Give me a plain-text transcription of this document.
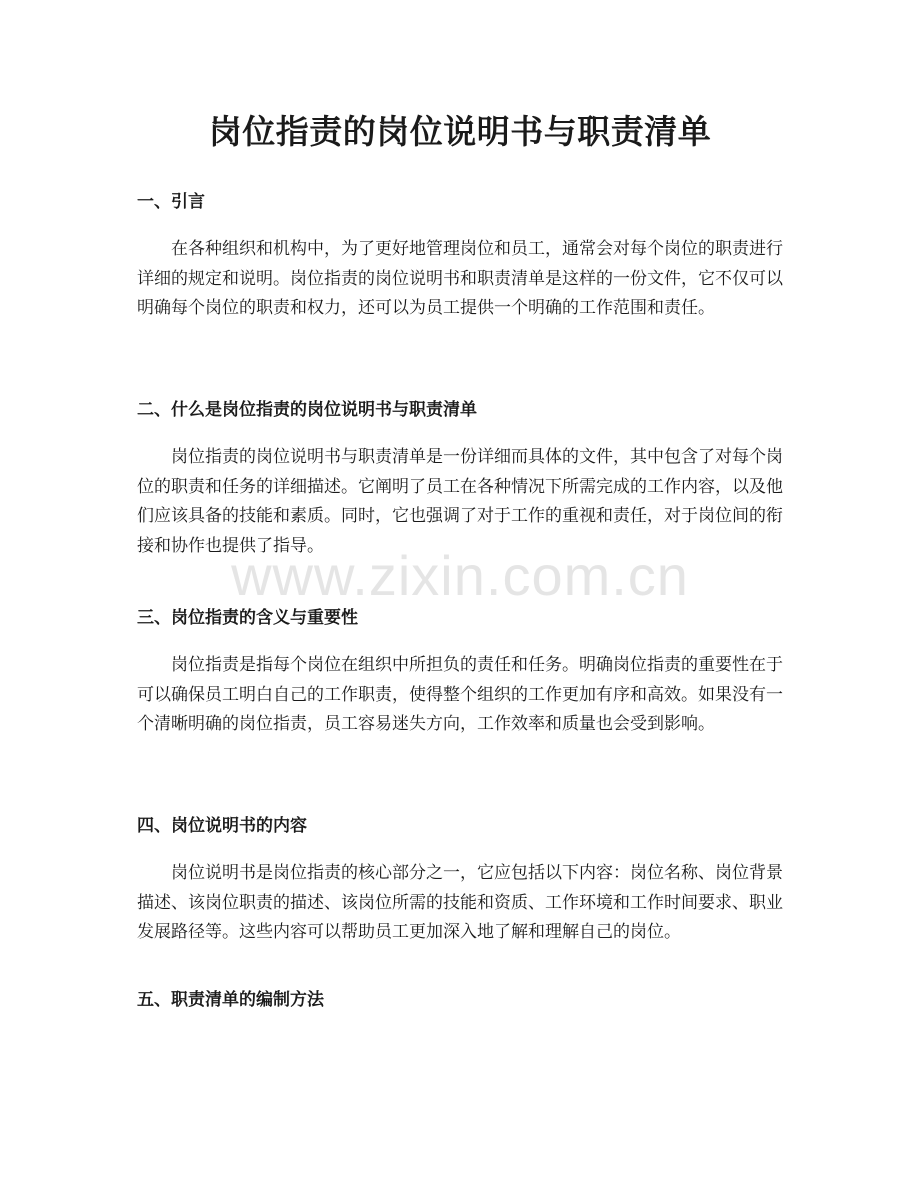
岗位指责的岗位说明书与职责清单
一、引言

在各种组织和机构中，为了更好地管理岗位和员工，通常会对每个岗位的职责进行详细的规定和说明。岗位指责的岗位说明书和职责清单是这样的一份文件，它不仅可以明确每个岗位的职责和权力，还可以为员工提供一个明确的工作范围和责任。

二、什么是岗位指责的岗位说明书与职责清单

岗位指责的岗位说明书与职责清单是一份详细而具体的文件，其中包含了对每个岗位的职责和任务的详细描述。它阐明了员工在各种情况下所需完成的工作内容，以及他们应该具备的技能和素质。同时，它也强调了对于工作的重视和责任，对于岗位间的衔接和协作也提供了指导。

三、岗位指责的含义与重要性

岗位指责是指每个岗位在组织中所担负的责任和任务。明确岗位指责的重要性在于可以确保员工明白自己的工作职责，使得整个组织的工作更加有序和高效。如果没有一个清晰明确的岗位指责，员工容易迷失方向，工作效率和质量也会受到影响。

四、岗位说明书的内容

岗位说明书是岗位指责的核心部分之一，它应包括以下内容：岗位名称、岗位背景描述、该岗位职责的描述、该岗位所需的技能和资质、工作环境和工作时间要求、职业发展路径等。这些内容可以帮助员工更加深入地了解和理解自己的岗位。

五、职责清单的编制方法
www.zixin.com.cn
